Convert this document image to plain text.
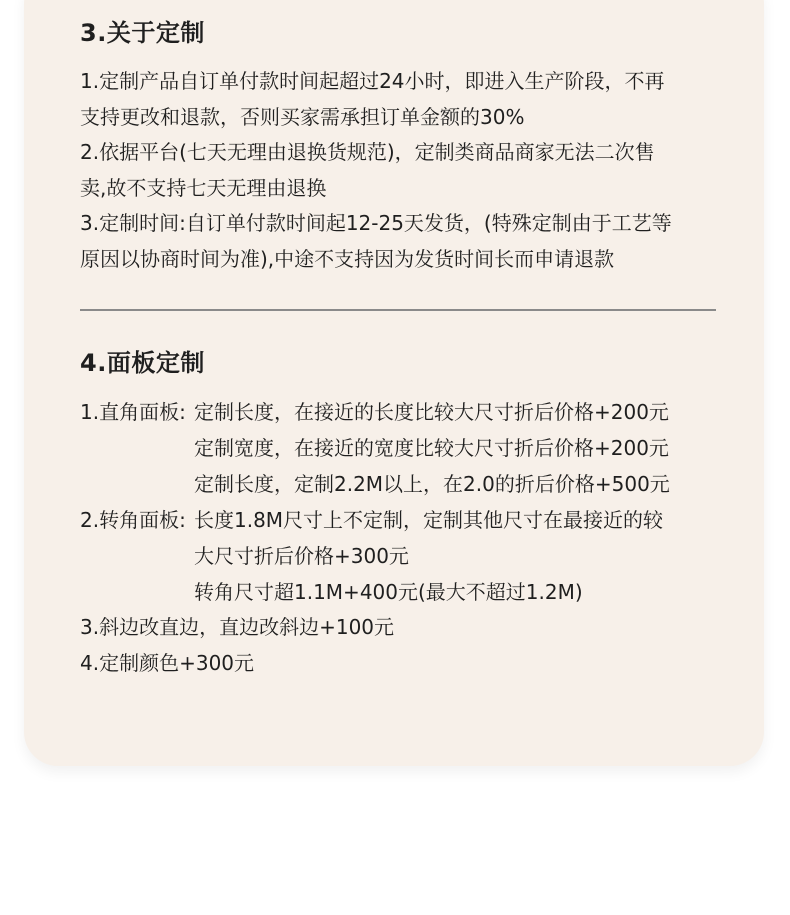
3.关于定制
1.定制产品自订单付款时间起超过24小时，即进入生产阶段，不再
支持更改和退款，否则买家需承担订单金额的30%
2.依据平台(七天无理由退换货规范)，定制类商品商家无法二次售
卖,故不支持七天无理由退换
3.定制时间:自订单付款时间起12-25天发货，(特殊定制由于工艺等
原因以协商时间为准),中途不支持因为发货时间长而申请退款
4.面板定制
1.直角面板: 定制长度，在接近的长度比较大尺寸折后价格+200元
定制宽度，在接近的宽度比较大尺寸折后价格+200元
定制长度，定制2.2M以上，在2.0的折后价格+500元
2.转角面板: 长度1.8M尺寸上不定制，定制其他尺寸在最接近的较
大尺寸折后价格+300元
转角尺寸超1.1M+400元(最大不超过1.2M)
3.斜边改直边，直边改斜边+100元
4.定制颜色+300元
